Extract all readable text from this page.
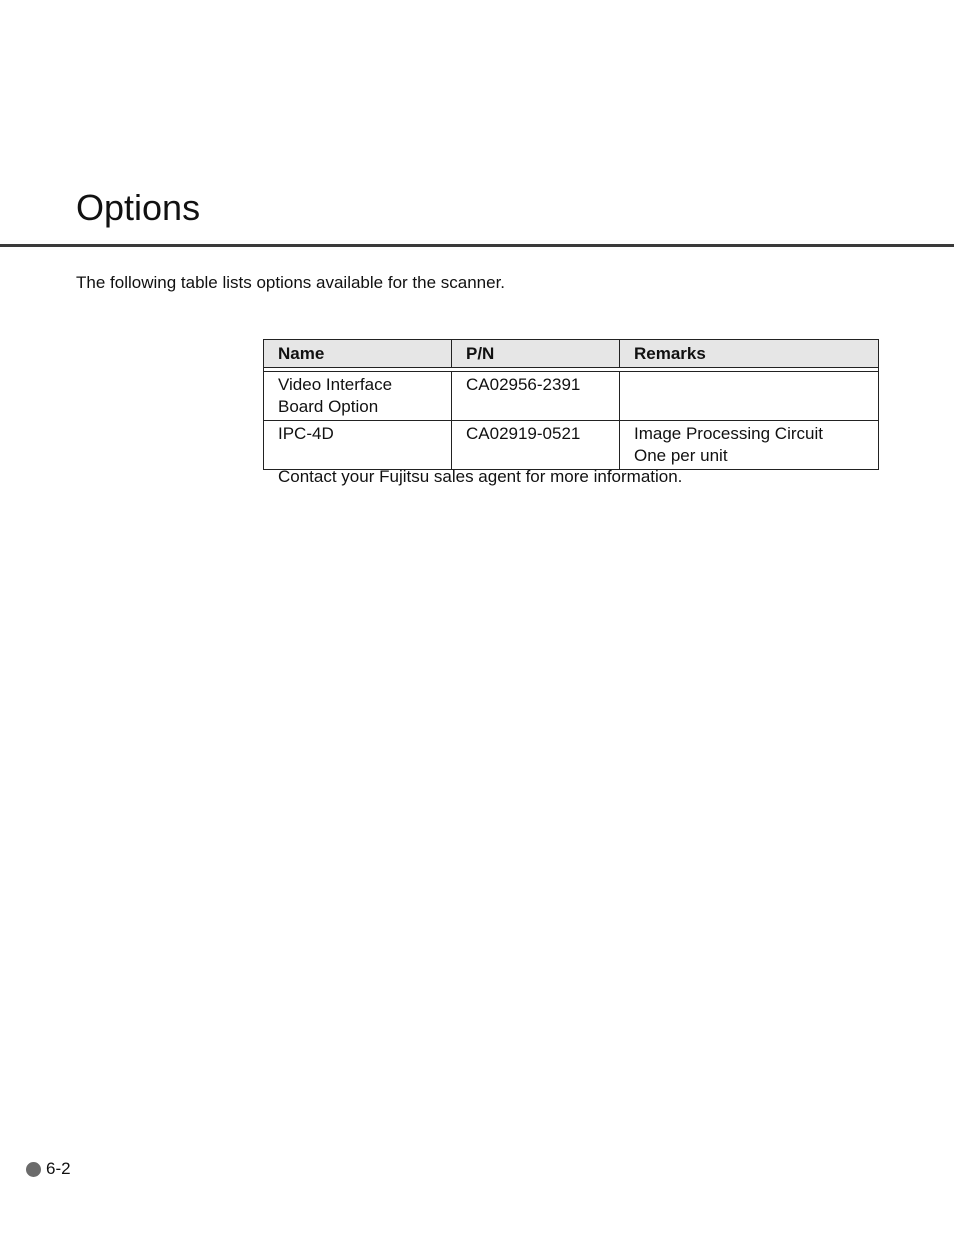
Options

The following table lists options available for the scanner.

Name	P/N	Remarks

Video Interface
Board Option	CA02956-2391	

IPC-4D	CA02919-0521	Image Processing Circuit
One per unit

Contact your Fujitsu sales agent for more information.

6-2
